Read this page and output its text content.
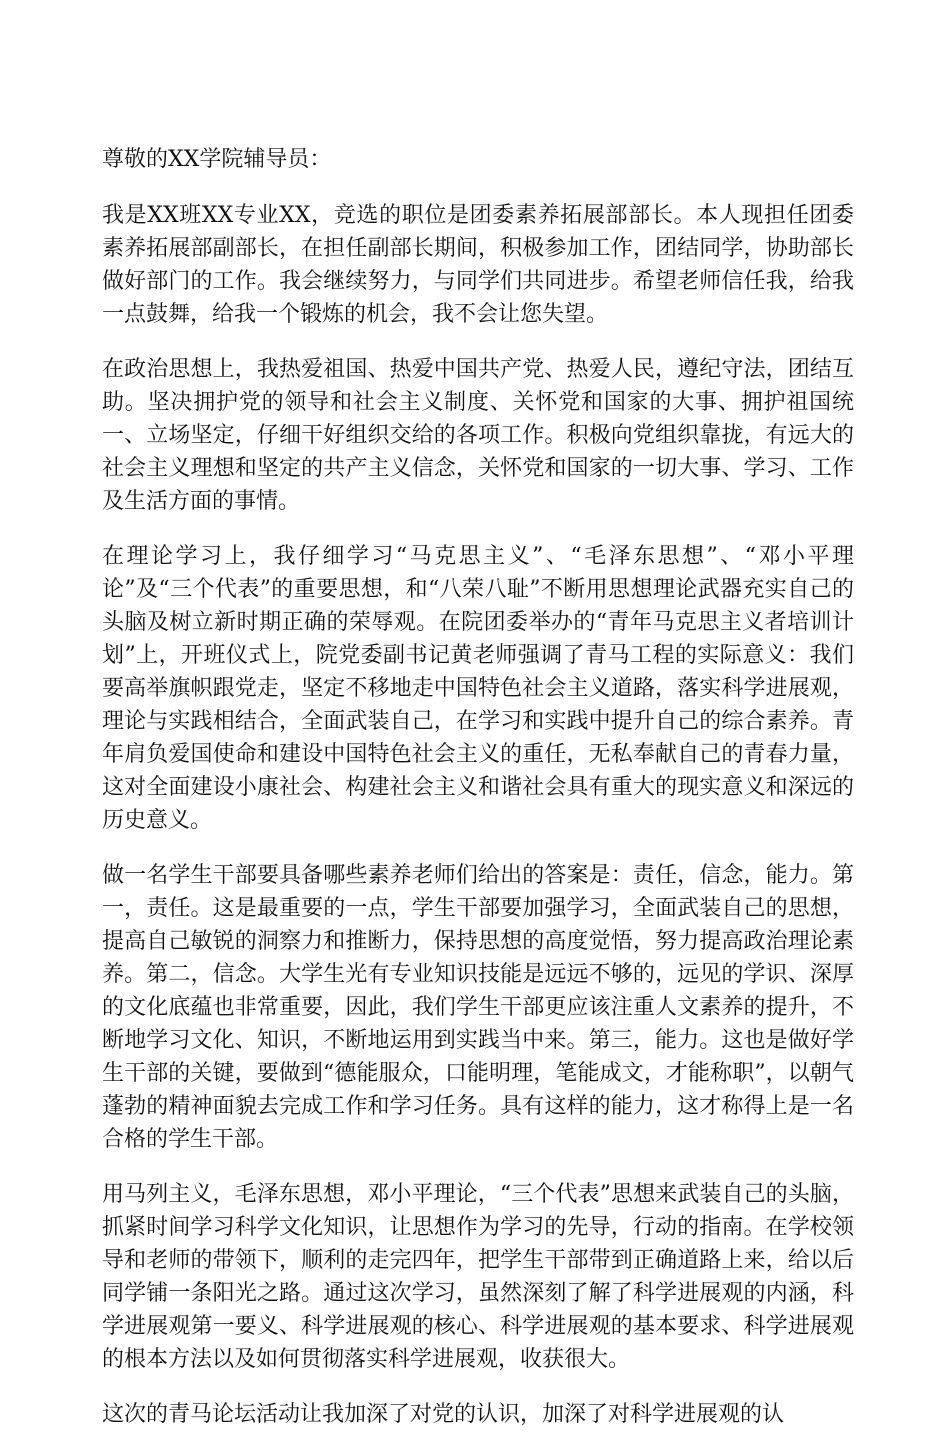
尊敬的XX学院辅导员：

我是XX班XX专业XX，竞选的职位是团委素养拓展部部长。本人现担任团委素养拓展部副部长，在担任副部长期间，积极参加工作，团结同学，协助部长做好部门的工作。我会继续努力，与同学们共同进步。希望老师信任我，给我一点鼓舞，给我一个锻炼的机会，我不会让您失望。

在政治思想上，我热爱祖国、热爱中国共产党、热爱人民，遵纪守法，团结互助。坚决拥护党的领导和社会主义制度、关怀党和国家的大事、拥护祖国统一、立场坚定，仔细干好组织交给的各项工作。积极向党组织靠拢，有远大的社会主义理想和坚定的共产主义信念，关怀党和国家的一切大事、学习、工作及生活方面的事情。

在理论学习上，我仔细学习“马克思主义”、“毛泽东思想”、“邓小平理论”及“三个代表”的重要思想，和“八荣八耻”不断用思想理论武器充实自己的头脑及树立新时期正确的荣辱观。在院团委举办的“青年马克思主义者培训计划”上，开班仪式上，院党委副书记黄老师强调了青马工程的实际意义：我们要高举旗帜跟党走，坚定不移地走中国特色社会主义道路，落实科学进展观，理论与实践相结合，全面武装自己，在学习和实践中提升自己的综合素养。青年肩负爱国使命和建设中国特色社会主义的重任，无私奉献自己的青春力量，这对全面建设小康社会、构建社会主义和谐社会具有重大的现实意义和深远的历史意义。

做一名学生干部要具备哪些素养老师们给出的答案是：责任，信念，能力。第一，责任。这是最重要的一点，学生干部要加强学习，全面武装自己的思想，提高自己敏锐的洞察力和推断力，保持思想的高度觉悟，努力提高政治理论素养。第二，信念。大学生光有专业知识技能是远远不够的，远见的学识、深厚的文化底蕴也非常重要，因此，我们学生干部更应该注重人文素养的提升，不断地学习文化、知识，不断地运用到实践当中来。第三，能力。这也是做好学生干部的关键，要做到“德能服众，口能明理，笔能成文，才能称职”，以朝气蓬勃的精神面貌去完成工作和学习任务。具有这样的能力，这才称得上是一名合格的学生干部。

用马列主义，毛泽东思想，邓小平理论，“三个代表”思想来武装自己的头脑，抓紧时间学习科学文化知识，让思想作为学习的先导，行动的指南。在学校领导和老师的带领下，顺利的走完四年，把学生干部带到正确道路上来，给以后同学铺一条阳光之路。通过这次学习，虽然深刻了解了科学进展观的内涵，科学进展观第一要义、科学进展观的核心、科学进展观的基本要求、科学进展观的根本方法以及如何贯彻落实科学进展观，收获很大。

这次的青马论坛活动让我加深了对党的认识，加深了对科学进展观的认
